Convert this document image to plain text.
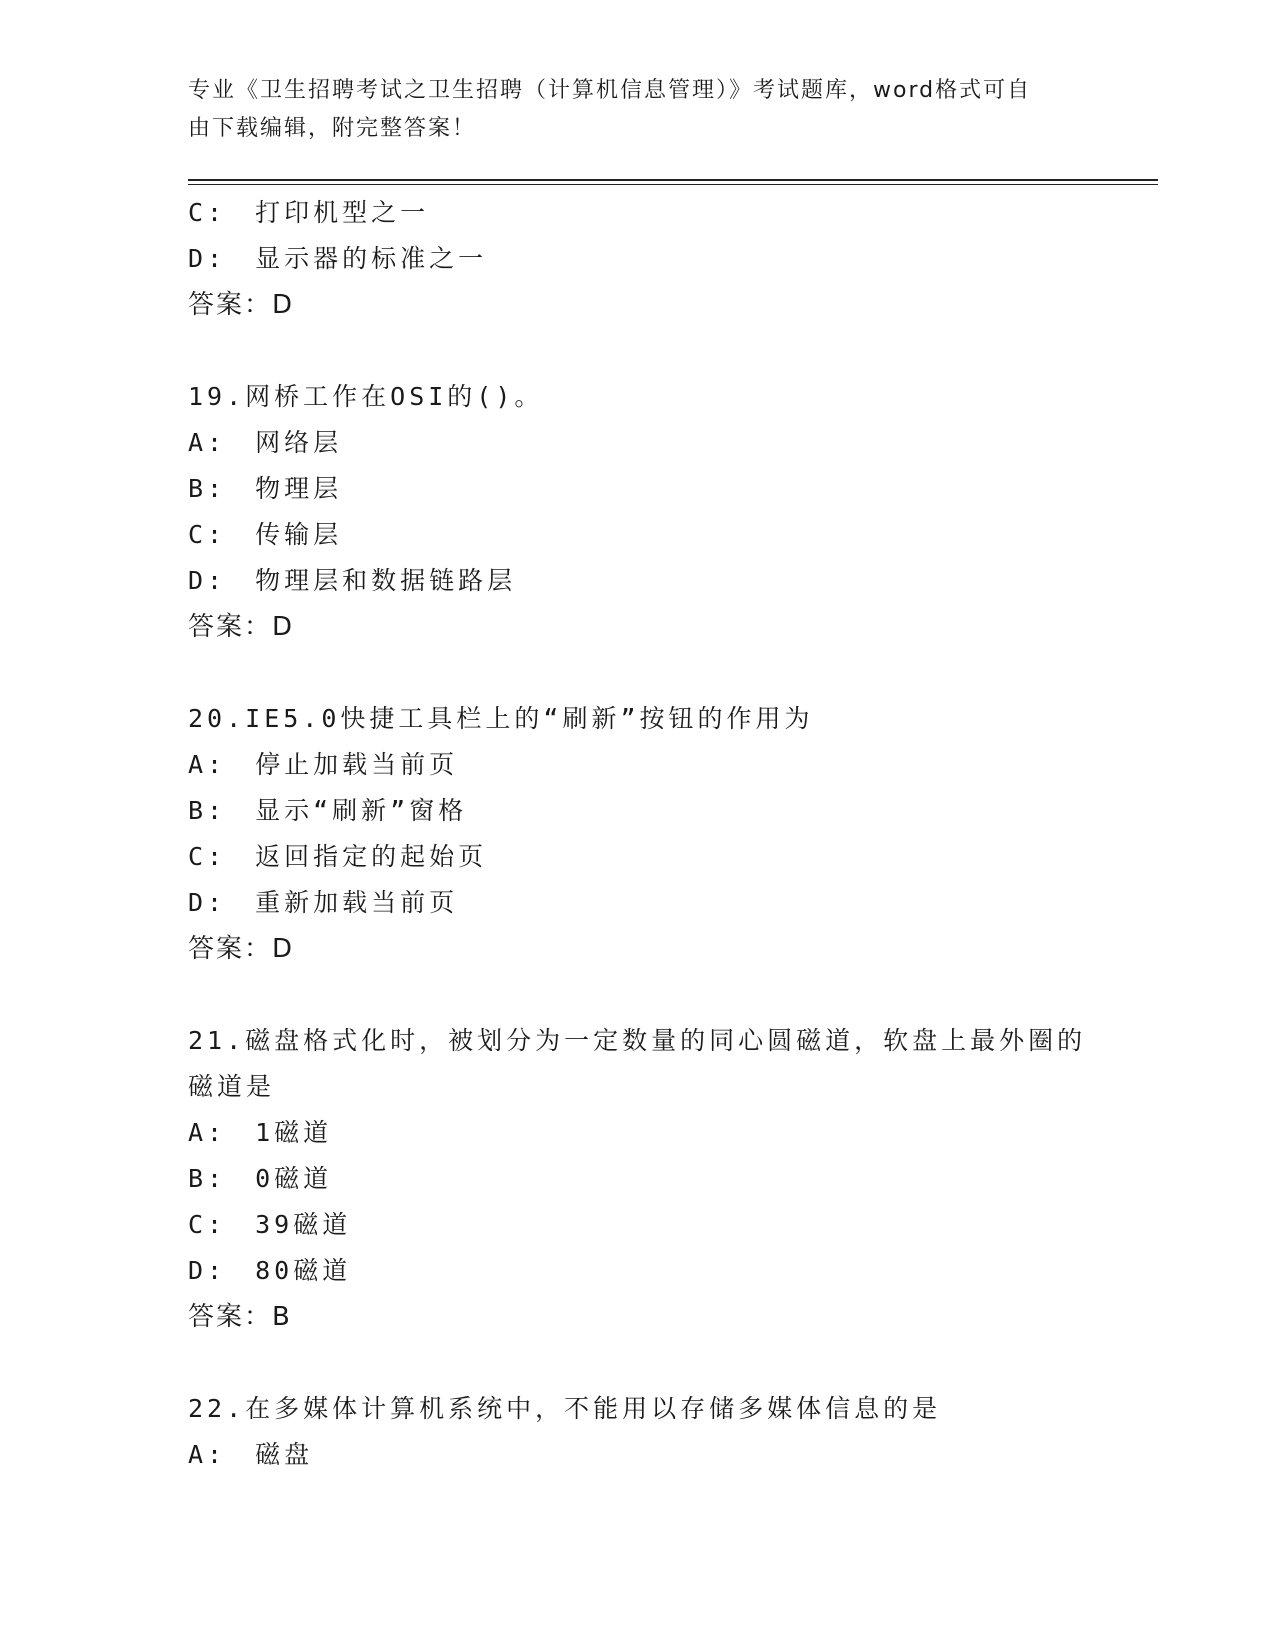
专业《卫生招聘考试之卫生招聘（计算机信息管理）》考试题库，word格式可自
由下载编辑，附完整答案！
C:　打印机型之一
D:　显示器的标准之一
答案：D
19.网桥工作在OSI的()。
A:　网络层
B:　物理层
C:　传输层
D:　物理层和数据链路层
答案：D
20.IE5.0快捷工具栏上的“刷新”按钮的作用为
A:　停止加载当前页
B:　显示“刷新”窗格
C:　返回指定的起始页
D:　重新加载当前页
答案：D
21.磁盘格式化时，被划分为一定数量的同心圆磁道，软盘上最外圈的
磁道是
A:　1磁道
B:　0磁道
C:　39磁道
D:　80磁道
答案：B
22.在多媒体计算机系统中，不能用以存储多媒体信息的是
A:　磁盘
